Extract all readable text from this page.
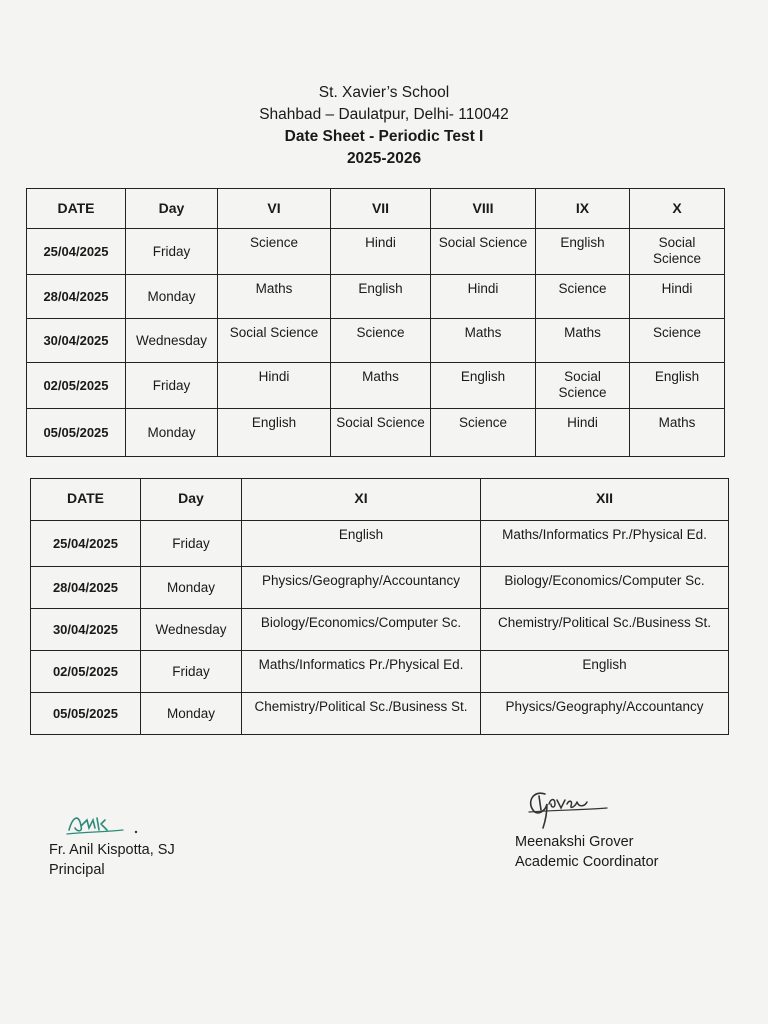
St. Xavier’s School
Shahbad – Daulatpur, Delhi- 110042
Date Sheet - Periodic Test I
2025-2026
DATE	Day	VI	VII	VIII	IX	X
25/04/2025	Friday	Science	Hindi	Social Science	English	Social Science
28/04/2025	Monday	Maths	English	Hindi	Science	Hindi
30/04/2025	Wednesday	Social Science	Science	Maths	Maths	Science
02/05/2025	Friday	Hindi	Maths	English	Social Science	English
05/05/2025	Monday	English	Social Science	Science	Hindi	Maths
DATE	Day	XI	XII
25/04/2025	Friday	English	Maths/Informatics Pr./Physical Ed.
28/04/2025	Monday	Physics/Geography/Accountancy	Biology/Economics/Computer Sc.
30/04/2025	Wednesday	Biology/Economics/Computer Sc.	Chemistry/Political Sc./Business St.
02/05/2025	Friday	Maths/Informatics Pr./Physical Ed.	English
05/05/2025	Monday	Chemistry/Political Sc./Business St.	Physics/Geography/Accountancy
Fr. Anil Kispotta, SJ
Principal
Meenakshi Grover
Academic Coordinator
